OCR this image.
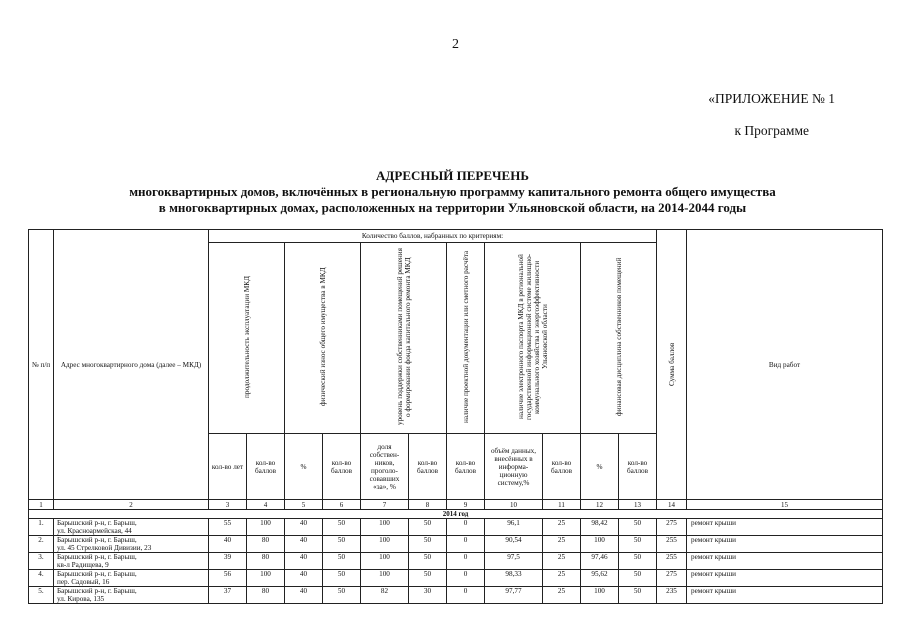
2
«ПРИЛОЖЕНИЕ № 1
к Программе
АДРЕСНЫЙ ПЕРЕЧЕНЬ
многоквартирных домов, включённых в региональную программу капитального ремонта общего имущества
в многоквартирных домах, расположенных на территории Ульяновской области, на 2014-2044 годы
№ п/п	Адрес многоквартирного дома (далее – МКД)	Количество баллов, набранных по критериям:											Сумма баллов	Вид работ
		продолжительность эксплуатации МКД		физический износ общего имущества в МКД		уровень поддержки собственниками помещений решения о формировании фонда капитального ремонта МКД		наличие проектной документации или сметного расчёта	наличие электронного паспорта МКД в региональной государственной информационной системе жилищно-коммунального хозяйства и энергоэффективности Ульяновской области		финансовая дисциплина собственников помещений			
		кол-во лет	кол-во баллов	%	кол-во баллов	доля собствен-ников, проголо-совавших «за», %	кол-во баллов	кол-во баллов	объём данных, внесённых в информа-ционную систему,%	кол-во баллов	%	кол-во баллов		
1	2	3	4	5	6	7	8	9	10	11	12	13	14	15
2014 год														
1.	Барышский р-н, г. Барыш,
ул. Красноармейская, 44	55	100	40	50	100	50	0	96,1	25	98,42	50	275	ремонт крыши
2.	Барышский р-н, г. Барыш,
ул. 45 Стрелковой Дивизии, 23	40	80	40	50	100	50	0	90,54	25	100	50	255	ремонт крыши
3.	Барышский р-н, г. Барыш,
кв-л Радищева, 9	39	80	40	50	100	50	0	97,5	25	97,46	50	255	ремонт крыши
4.	Барышский р-н, г. Барыш,
пер. Садовый, 16	56	100	40	50	100	50	0	98,33	25	95,62	50	275	ремонт крыши
5.	Барышский р-н, г. Барыш,
ул. Кирова, 135	37	80	40	50	82	30	0	97,77	25	100	50	235	ремонт крыши
